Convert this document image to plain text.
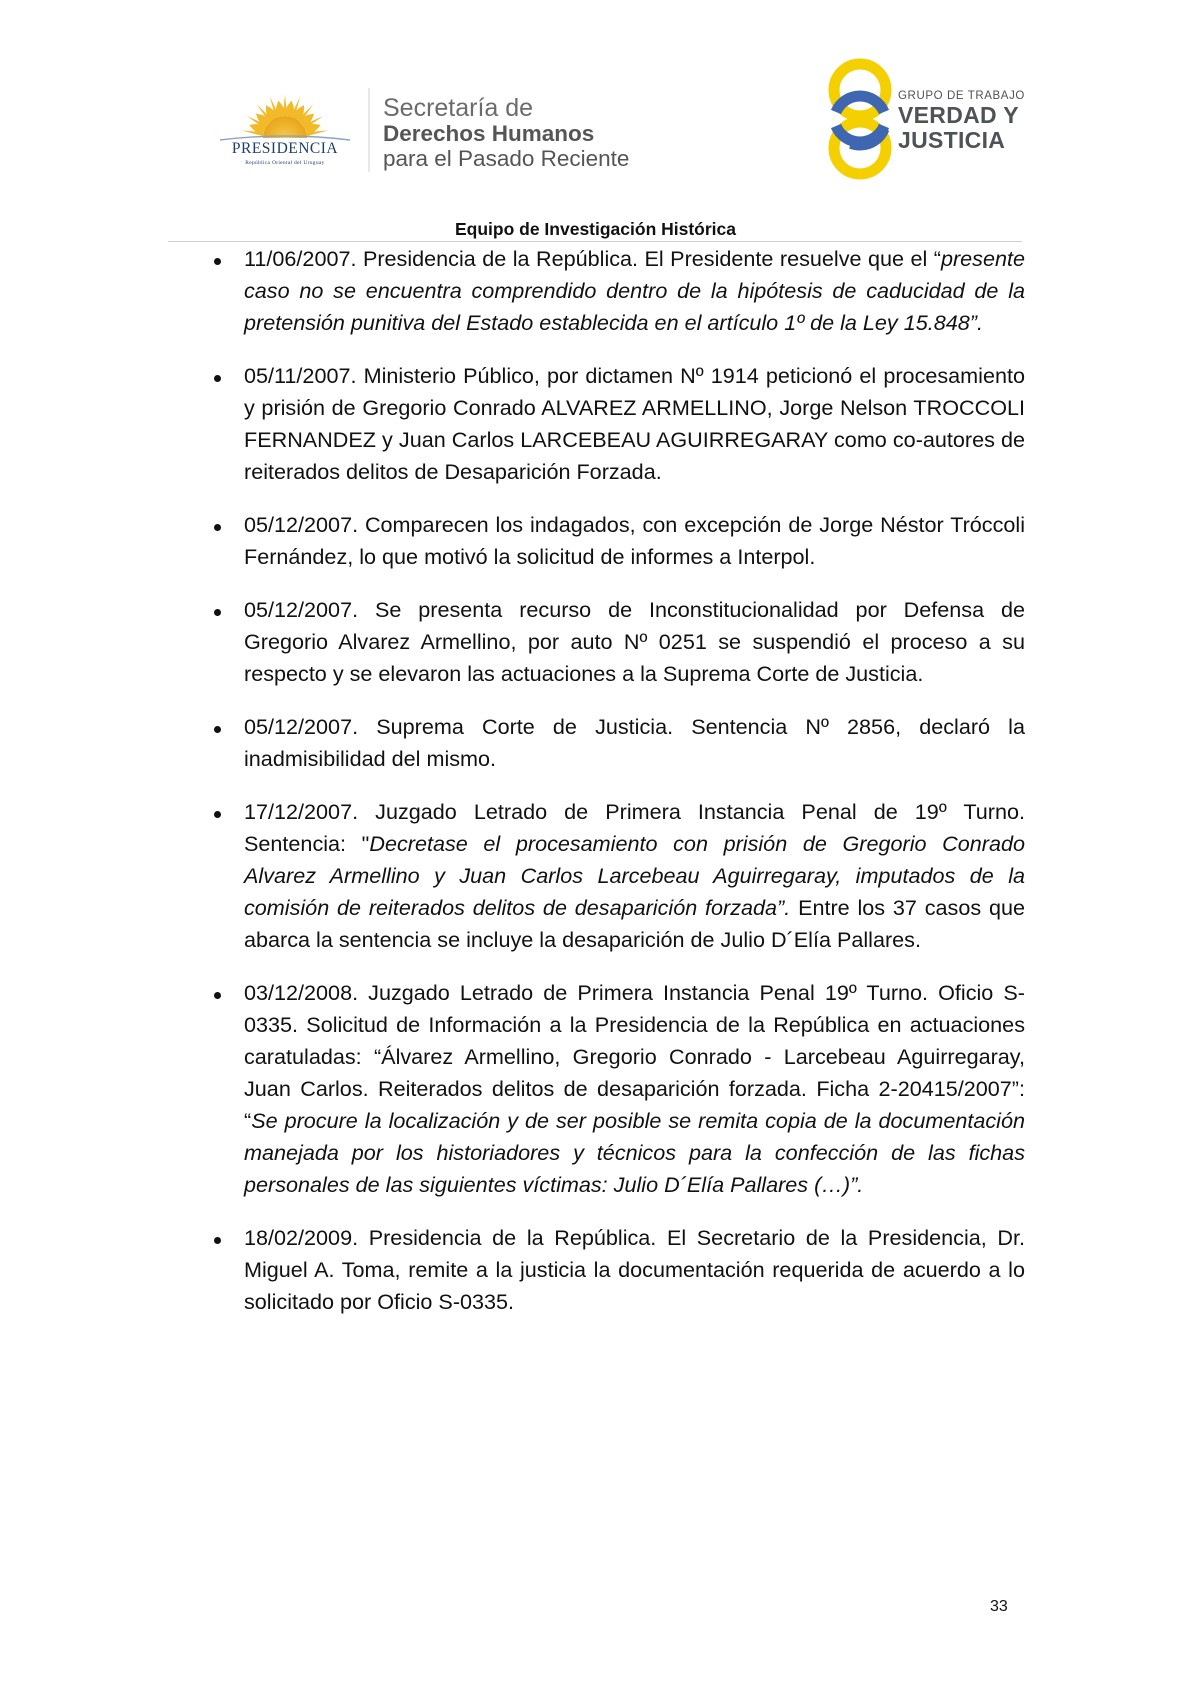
PRESIDENCIA
República Oriental del Uruguay
Secretaría de
Derechos Humanos
para el Pasado Reciente
GRUPO DE TRABAJO
VERDAD Y
JUSTICIA
Equipo de Investigación Histórica

11/06/2007. Presidencia de la República. El Presidente resuelve que el “presente caso no se encuentra comprendido dentro de la hipótesis de caducidad de la pretensión punitiva del Estado establecida en el artículo 1º de la Ley 15.848”.

05/11/2007. Ministerio Público, por dictamen Nº 1914 peticionó el procesamiento y prisión de Gregorio Conrado ALVAREZ ARMELLINO, Jorge Nelson TROCCOLI FERNANDEZ y Juan Carlos LARCEBEAU AGUIRREGARAY como co-autores de reiterados delitos de Desaparición Forzada.

05/12/2007. Comparecen los indagados, con excepción de Jorge Néstor Tróccoli Fernández, lo que motivó la solicitud de informes a Interpol.

05/12/2007. Se presenta recurso de Inconstitucionalidad por Defensa de Gregorio Alvarez Armellino, por auto Nº 0251 se suspendió el proceso a su respecto y se elevaron las actuaciones a la Suprema Corte de Justicia.

05/12/2007. Suprema Corte de Justicia. Sentencia Nº 2856, declaró la inadmisibilidad del mismo.

17/12/2007. Juzgado Letrado de Primera Instancia Penal de 19º Turno. Sentencia: "Decretase el procesamiento con prisión de Gregorio Conrado Alvarez Armellino y Juan Carlos Larcebeau Aguirregaray, imputados de la comisión de reiterados delitos de desaparición forzada”. Entre los 37 casos que abarca la sentencia se incluye la desaparición de Julio D´Elía Pallares.

03/12/2008. Juzgado Letrado de Primera Instancia Penal 19º Turno. Oficio S-0335. Solicitud de Información a la Presidencia de la República en actuaciones caratuladas: “Álvarez Armellino, Gregorio Conrado - Larcebeau Aguirregaray, Juan Carlos. Reiterados delitos de desaparición forzada. Ficha 2-20415/2007”: “Se procure la localización y de ser posible se remita copia de la documentación manejada por los historiadores y técnicos para la confección de las fichas personales de las siguientes víctimas: Julio D´Elía Pallares (…)”.

18/02/2009. Presidencia de la República. El Secretario de la Presidencia, Dr. Miguel A. Toma, remite a la justicia la documentación requerida de acuerdo a lo solicitado por Oficio S-0335.

33
